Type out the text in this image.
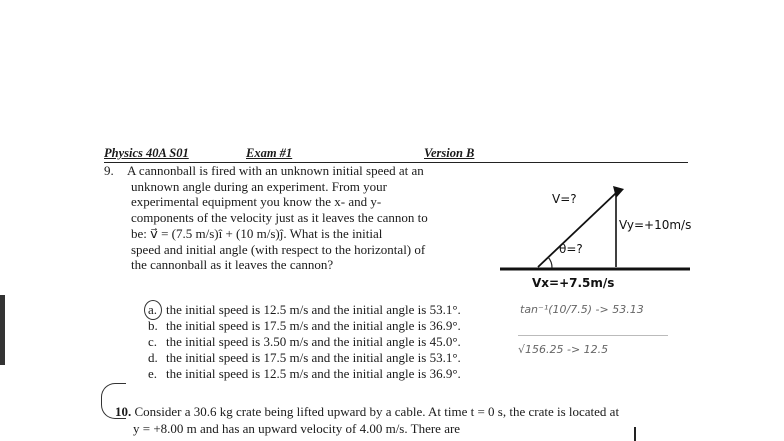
Physics 40A S01	Exam #1	Version B
9. A cannonball is fired with an unknown initial speed at an
unknown angle during an experiment. From your
experimental equipment you know the x- and y-
components of the velocity just as it leaves the cannon to
be: v⃗ = (7.5 m/s)î + (10 m/s)ĵ. What is the initial
speed and initial angle (with respect to the horizontal) of
the cannonball as it leaves the cannon?
a. the initial speed is 12.5 m/s and the initial angle is 53.1°.
b. the initial speed is 17.5 m/s and the initial angle is 36.9°.
c. the initial speed is 3.50 m/s and the initial angle is 45.0°.
d. the initial speed is 17.5 m/s and the initial angle is 53.1°.
e. the initial speed is 12.5 m/s and the initial angle is 36.9°.
V=?
Vy=+10m/s
θ=?
Vx=+7.5m/s
tan⁻¹(10/7.5) -> 53.13
√156.25 -> 12.5
10. Consider a 30.6 kg crate being lifted upward by a cable. At time t = 0 s, the crate is located at
y = +8.00 m and has an upward velocity of 4.00 m/s. There are
